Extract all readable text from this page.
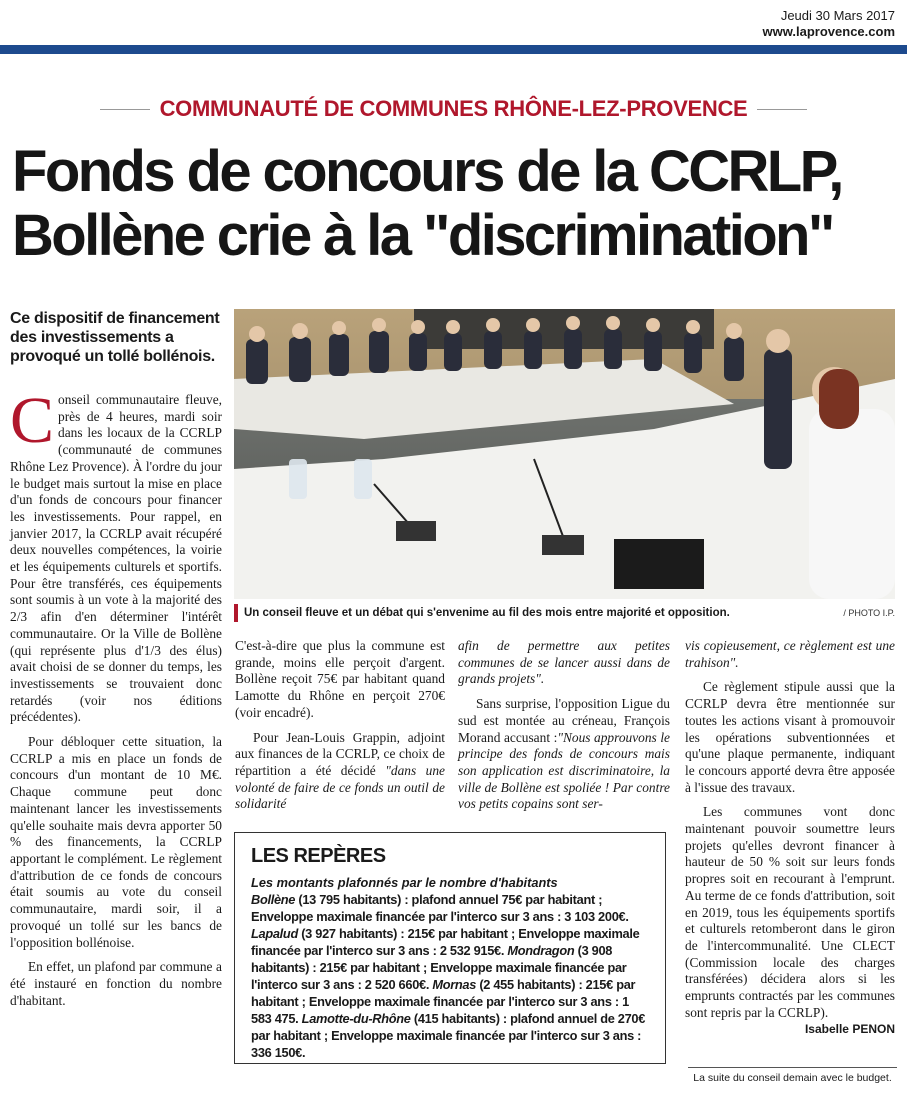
Jeudi 30 Mars 2017
www.laprovence.com
COMMUNAUTÉ DE COMMUNES RHÔNE-LEZ-PROVENCE
Fonds de concours de la CCRLP,
Bollène crie à la "discrimination"
Ce dispositif de financement des investissements a provoqué un tollé bollénois.

Conseil communautaire fleuve, près de 4 heures, mardi soir dans les locaux de la CCRLP (communauté de communes Rhône Lez Provence). À l'ordre du jour le budget mais surtout la mise en place d'un fonds de concours pour financer les investissements. Pour rappel, en janvier 2017, la CCRLP avait récupéré deux nouvelles compétences, la voirie et les équipements culturels et sportifs. Pour être transférés, ces équipements sont soumis à un vote à la majorité des 2/3 afin d'en déterminer l'intérêt communautaire. Or la Ville de Bollène (qui représente plus d'1/3 des élus) avait choisi de se donner du temps, les investissements se trouvaient donc retardés (voir nos éditions précédentes).

Pour débloquer cette situation, la CCRLP a mis en place un fonds de concours d'un montant de 10 M€. Chaque commune peut donc maintenant lancer les investissements qu'elle souhaite mais devra apporter 50 % des financements, la CCRLP apportant le complément. Le règlement d'attribution de ce fonds de concours était soumis au vote du conseil communautaire, mardi soir, il a provoqué un tollé sur les bancs de l'opposition bollénoise.

En effet, un plafond par commune a été instauré en fonction du nombre d'habitant.

Un conseil fleuve et un débat qui s'envenime au fil des mois entre majorité et opposition.	/ PHOTO I.P.

C'est-à-dire que plus la commune est grande, moins elle perçoit d'argent. Bollène reçoit 75€ par habitant quand Lamotte du Rhône en perçoit 270€ (voir encadré).

Pour Jean-Louis Grappin, adjoint aux finances de la CCRLP, ce choix de répartition a été décidé "dans une volonté de faire de ce fonds un outil de solidarité

afin de permettre aux petites communes de se lancer aussi dans de grands projets".

Sans surprise, l'opposition Ligue du sud est montée au créneau, François Morand accusant :"Nous approuvons le principe des fonds de concours mais son application est discriminatoire, la ville de Bollène est spoliée ! Par contre vos petits copains sont ser-

vis copieusement, ce règlement est une trahison".

Ce règlement stipule aussi que la CCRLP devra être mentionnée sur toutes les actions visant à promouvoir les opérations subventionnées et qu'une plaque permanente, indiquant le concours apporté devra être apposée à l'issue des travaux.

Les communes vont donc maintenant pouvoir soumettre leurs projets qu'elles devront financer à hauteur de 50 % soit sur leurs fonds propres soit en recourant à l'emprunt. Au terme de ce fonds d'attribution, soit en 2019, tous les équipements sportifs et culturels retomberont dans le giron de l'intercommunalité. Une CLECT (Commission locale des charges transférées) décidera alors si les emprunts contractés par les communes sont repris par la CCRLP).
Isabelle PENON

LES REPÈRES
Les montants plafonnés par le nombre d'habitants
Bollène (13 795 habitants) : plafond annuel 75€ par habitant ; Enveloppe maximale financée par l'interco sur 3 ans : 3 103 200€. Lapalud (3 927 habitants) : 215€ par habitant ; Enveloppe maximale financée par l'interco sur 3 ans : 2 532 915€. Mondragon (3 908 habitants) : 215€ par habitant ; Enveloppe maximale financée par l'interco sur 3 ans : 2 520 660€. Mornas (2 455 habitants) : 215€ par habitant ; Enveloppe maximale financée par l'interco sur 3 ans : 1 583 475. Lamotte-du-Rhône (415 habitants) : plafond annuel de 270€ par habitant ; Enveloppe maximale financée par l'interco sur 3 ans : 336 150€.
La suite du conseil demain avec le budget.
